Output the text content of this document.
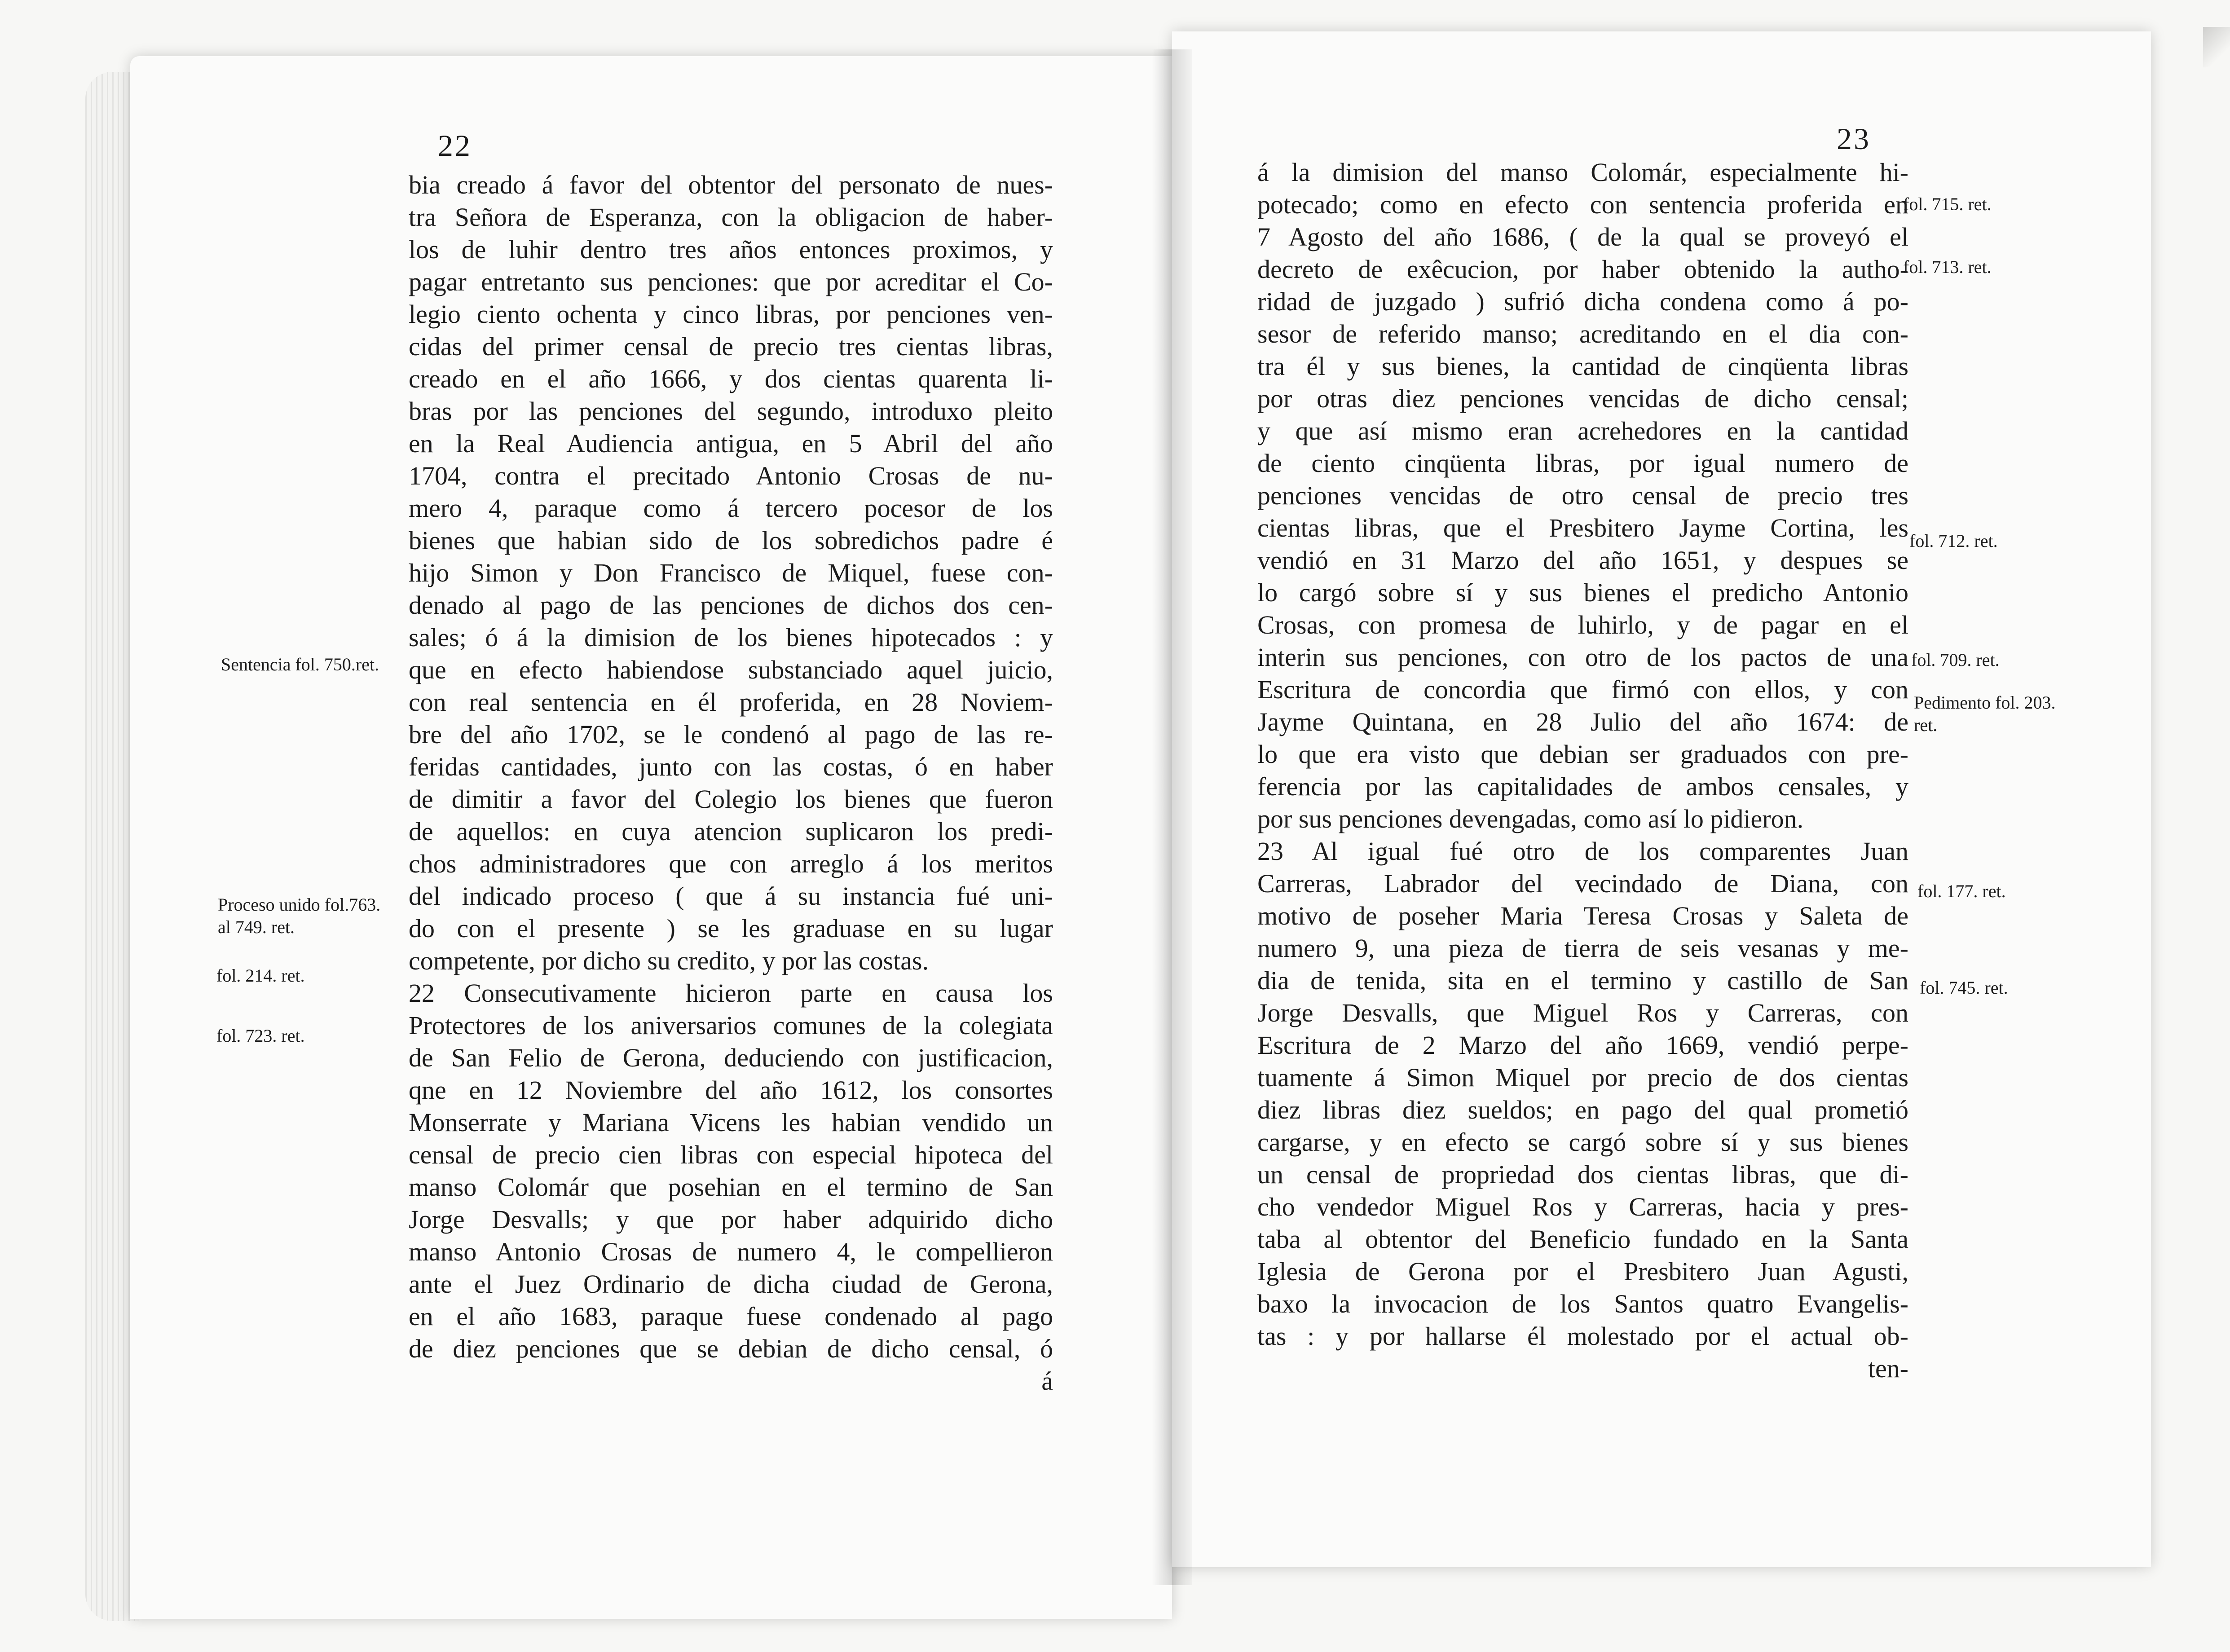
22	23
bia creado á favor del obtentor del personato de nues-
tra Señora de Esperanza, con la obligacion de haber-
los de luhir dentro tres años entonces proximos, y
pagar entretanto sus penciones: que por acreditar el Co-
legio ciento ochenta y cinco libras, por penciones ven-
cidas del primer censal de precio tres cientas libras,
creado en el año 1666, y dos cientas quarenta li-
bras por las penciones del segundo, introduxo pleito
en la Real Audiencia antigua, en 5 Abril del año
1704, contra el precitado Antonio Crosas de nu-
mero 4, paraque como á tercero pocesor de los
bienes que habian sido de los sobredichos padre é
hijo Simon y Don Francisco de Miquel, fuese con-
denado al pago de las penciones de dichos dos cen-
sales; ó á la dimision de los bienes hipotecados : y
que en efecto habiendose substanciado aquel juicio,
con real sentencia en él proferida, en 28 Noviem-
bre del año 1702, se le condenó al pago de las re-
feridas cantidades, junto con las costas, ó en haber
de dimitir a favor del Colegio los bienes que fueron
de aquellos: en cuya atencion suplicaron los predi-
chos administradores que con arreglo á los meritos
del indicado proceso ( que á su instancia fué uni-
do con el presente ) se les graduase en su lugar
competente, por dicho su credito, y por las costas.
22 Consecutivamente hicieron parte en causa los
Protectores de los aniversarios comunes de la colegiata
de San Felio de Gerona, deduciendo con justificacion,
qne en 12 Noviembre del año 1612, los consortes
Monserrate y Mariana Vicens les habian vendido un
censal de precio cien libras con especial hipoteca del
manso Colomár que posehian en el termino de San
Jorge Desvalls; y que por haber adquirido dicho
manso Antonio Crosas de numero 4, le compellieron
ante el Juez Ordinario de dicha ciudad de Gerona,
en el año 1683, paraque fuese condenado al pago
de diez penciones que se debian de dicho censal, ó
á
á la dimision del manso Colomár, especialmente hi-
potecado; como en efecto con sentencia proferida en
7 Agosto del año 1686, ( de la qual se proveyó el
decreto de exêcucion, por haber obtenido la autho-
ridad de juzgado ) sufrió dicha condena como á po-
sesor de referido manso; acreditando en el dia con-
tra él y sus bienes, la cantidad de cinqüenta libras
por otras diez penciones vencidas de dicho censal;
y que así mismo eran acrehedores en la cantidad
de ciento cinqüenta libras, por igual numero de
penciones vencidas de otro censal de precio tres
cientas libras, que el Presbitero Jayme Cortina, les
vendió en 31 Marzo del año 1651, y despues se
lo cargó sobre sí y sus bienes el predicho Antonio
Crosas, con promesa de luhirlo, y de pagar en el
interin sus penciones, con otro de los pactos de una
Escritura de concordia que firmó con ellos, y con
Jayme Quintana, en 28 Julio del año 1674: de
lo que era visto que debian ser graduados con pre-
ferencia por las capitalidades de ambos censales, y
por sus penciones devengadas, como así lo pidieron.
23 Al igual fué otro de los comparentes Juan
Carreras, Labrador del vecindado de Diana, con
motivo de poseher Maria Teresa Crosas y Saleta de
numero 9, una pieza de tierra de seis vesanas y me-
dia de tenida, sita en el termino y castillo de San
Jorge Desvalls, que Miguel Ros y Carreras, con
Escritura de 2 Marzo del año 1669, vendió perpe-
tuamente á Simon Miquel por precio de dos cientas
diez libras diez sueldos; en pago del qual prometió
cargarse, y en efecto se cargó sobre sí y sus bienes
un censal de propriedad dos cientas libras, que di-
cho vendedor Miguel Ros y Carreras, hacia y pres-
taba al obtentor del Beneficio fundado en la Santa
Iglesia de Gerona por el Presbitero Juan Agusti,
baxo la invocacion de los Santos quatro Evangelis-
tas : y por hallarse él molestado por el actual ob-
ten-
Sentencia fol. 750.ret.
Proceso unido fol.763.
al 749. ret.
fol. 214. ret.
fol. 723. ret.
fol. 715. ret.
fol. 713. ret.
fol. 712. ret.
fol. 709. ret.
Pedimento fol. 203.
ret.
fol. 177. ret.
fol. 745. ret.
